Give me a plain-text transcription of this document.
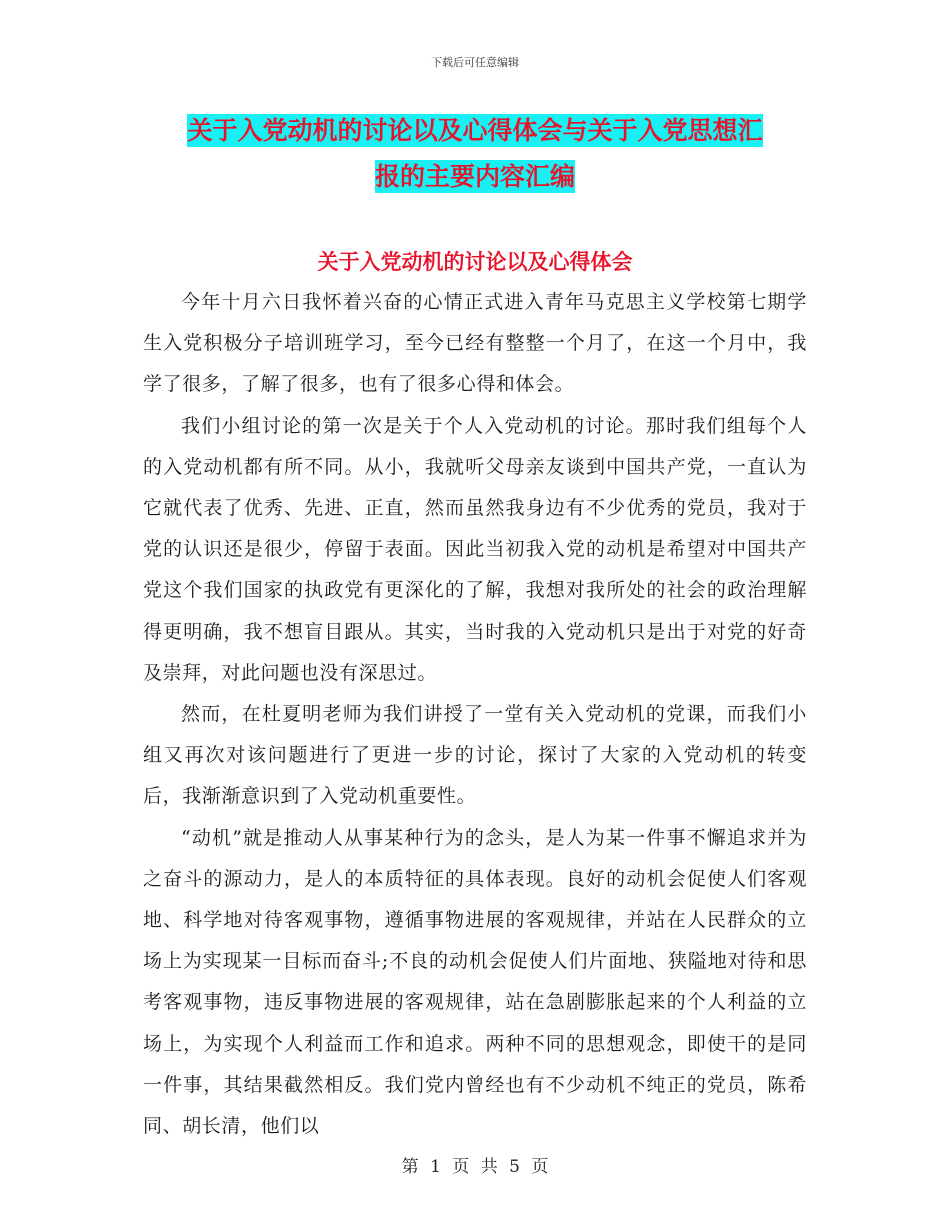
下载后可任意编辑
关于入党动机的讨论以及心得体会与关于入党思想汇
报的主要内容汇编
关于入党动机的讨论以及心得体会

今年十月六日我怀着兴奋的心情正式进入青年马克思主义学校第七期学生入党积极分子培训班学习，至今已经有整整一个月了，在这一个月中，我学了很多，了解了很多，也有了很多心得和体会。

我们小组讨论的第一次是关于个人入党动机的讨论。那时我们组每个人的入党动机都有所不同。从小，我就听父母亲友谈到中国共产党，一直认为它就代表了优秀、先进、正直，然而虽然我身边有不少优秀的党员，我对于党的认识还是很少，停留于表面。因此当初我入党的动机是希望对中国共产党这个我们国家的执政党有更深化的了解，我想对我所处的社会的政治理解得更明确，我不想盲目跟从。其实，当时我的入党动机只是出于对党的好奇及崇拜，对此问题也没有深思过。

然而，在杜夏明老师为我们讲授了一堂有关入党动机的党课，而我们小组又再次对该问题进行了更进一步的讨论，探讨了大家的入党动机的转变后，我渐渐意识到了入党动机重要性。

“动机”就是推动人从事某种行为的念头，是人为某一件事不懈追求并为之奋斗的源动力，是人的本质特征的具体表现。良好的动机会促使人们客观地、科学地对待客观事物，遵循事物进展的客观规律，并站在人民群众的立场上为实现某一目标而奋斗;不良的动机会促使人们片面地、狭隘地对待和思考客观事物，违反事物进展的客观规律，站在急剧膨胀起来的个人利益的立场上，为实现个人利益而工作和追求。两种不同的思想观念，即使干的是同一件事，其结果截然相反。我们党内曾经也有不少动机不纯正的党员，陈希同、胡长清，他们以

第 1 页 共 5 页
